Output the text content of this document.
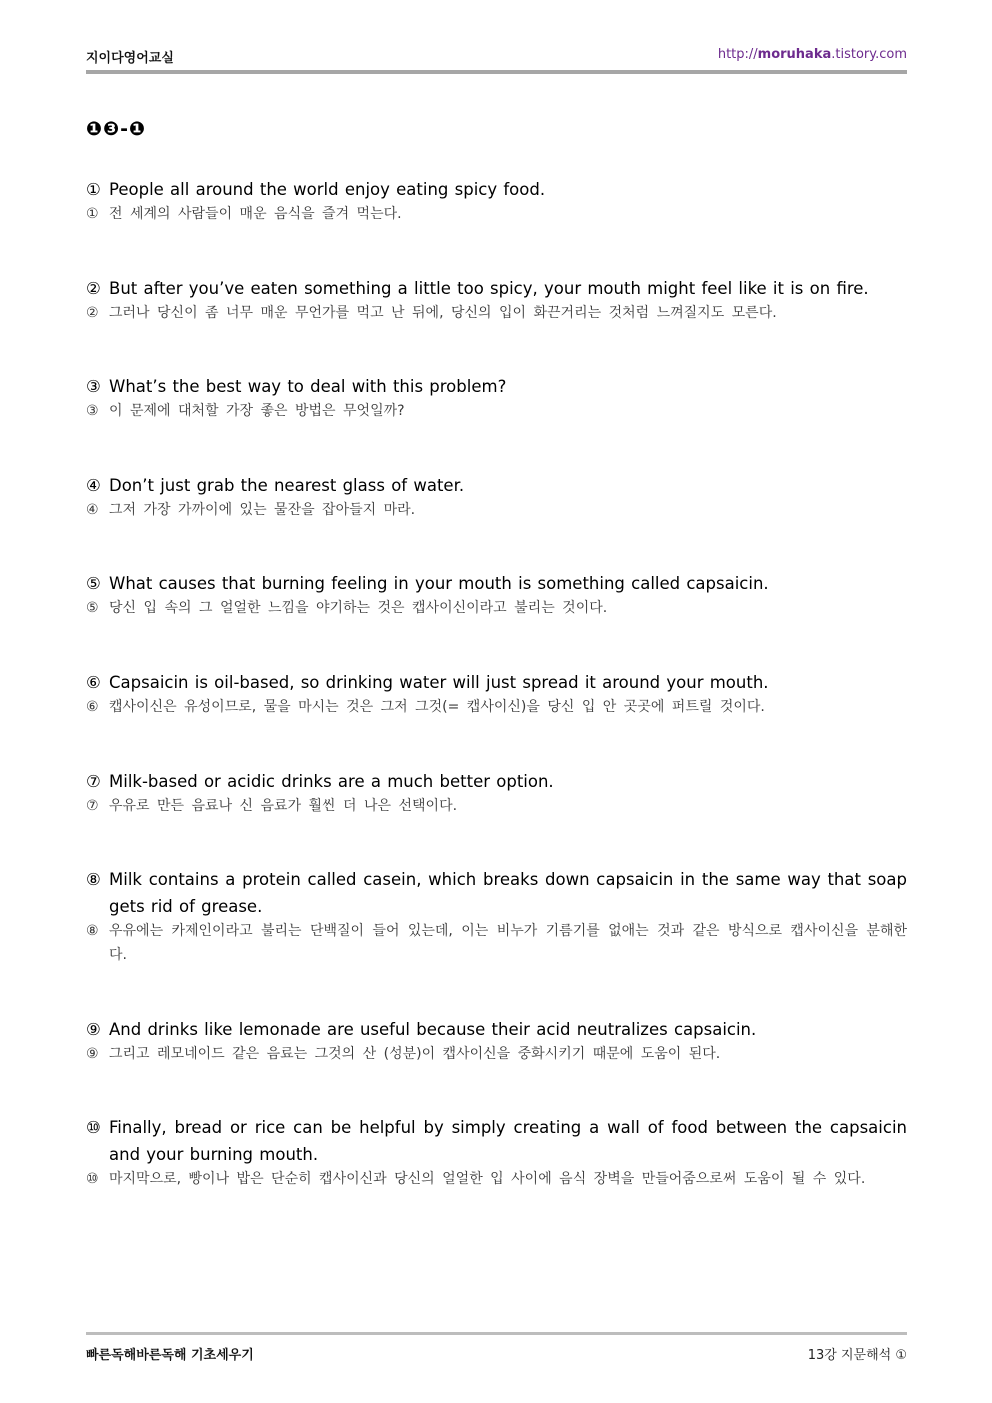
지이다영어교실	http://moruhaka.tistory.com
❶❸-❶
① People all around the world enjoy eating spicy food.
① 전 세계의 사람들이 매운 음식을 즐겨 먹는다.
② But after you’ve eaten something a little too spicy, your mouth might feel like it is on fire.
② 그러나 당신이 좀 너무 매운 무언가를 먹고 난 뒤에, 당신의 입이 화끈거리는 것처럼 느껴질지도 모른다.
③ What’s the best way to deal with this problem?
③ 이 문제에 대처할 가장 좋은 방법은 무엇일까?
④ Don’t just grab the nearest glass of water.
④ 그저 가장 가까이에 있는 물잔을 잡아들지 마라.
⑤ What causes that burning feeling in your mouth is something called capsaicin.
⑤ 당신 입 속의 그 얼얼한 느낌을 야기하는 것은 캡사이신이라고 불리는 것이다.
⑥ Capsaicin is oil-based, so drinking water will just spread it around your mouth.
⑥ 캡사이신은 유성이므로, 물을 마시는 것은 그저 그것(= 캡사이신)을 당신 입 안 곳곳에 퍼트릴 것이다.
⑦ Milk-based or acidic drinks are a much better option.
⑦ 우유로 만든 음료나 신 음료가 훨씬 더 나은 선택이다.
⑧ Milk contains a protein called casein, which breaks down capsaicin in the same way that soap gets rid of grease.
⑧ 우유에는 카제인이라고 불리는 단백질이 들어 있는데, 이는 비누가 기름기를 없애는 것과 같은 방식으로 캡사이신을 분해한다.
⑨ And drinks like lemonade are useful because their acid neutralizes capsaicin.
⑨ 그리고 레모네이드 같은 음료는 그것의 산 (성분)이 캡사이신을 중화시키기 때문에 도움이 된다.
⑩ Finally, bread or rice can be helpful by simply creating a wall of food between the capsaicin and your burning mouth.
⑩ 마지막으로, 빵이나 밥은 단순히 캡사이신과 당신의 얼얼한 입 사이에 음식 장벽을 만들어줌으로써 도움이 될 수 있다.
빠른독해바른독해 기초세우기	13강 지문해석 ①
